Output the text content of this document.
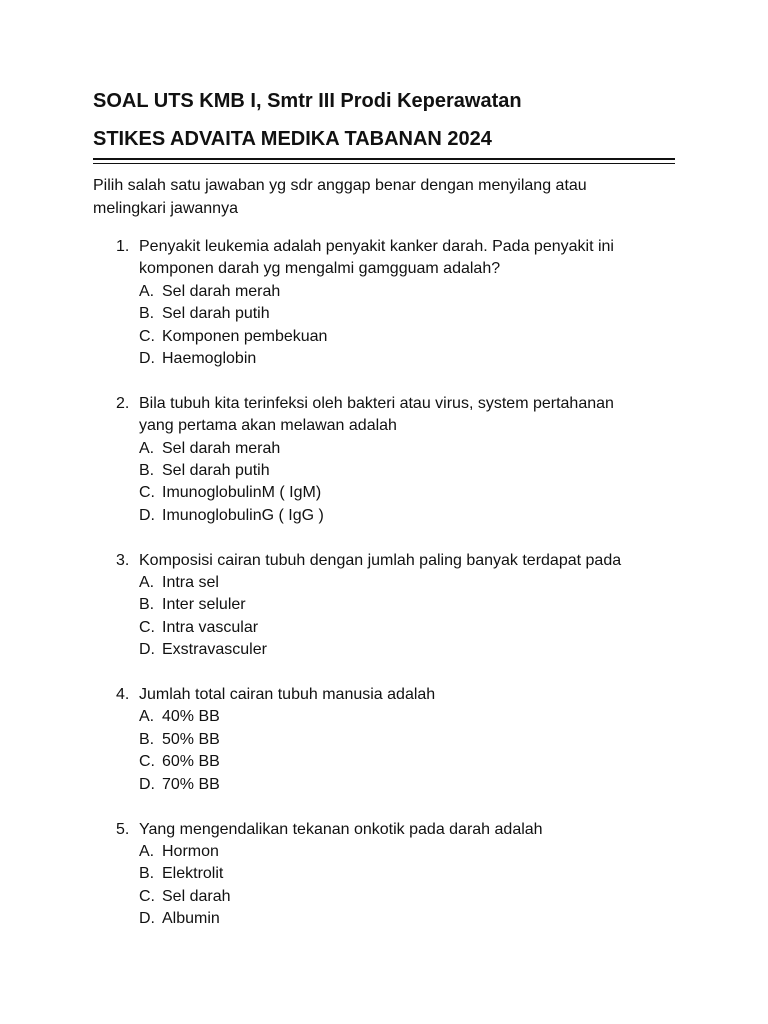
SOAL UTS KMB I, Smtr III Prodi Keperawatan
STIKES ADVAITA MEDIKA TABANAN 2024

Pilih salah satu jawaban yg sdr anggap benar dengan menyilang atau melingkari jawannya

1. Penyakit leukemia adalah penyakit kanker darah. Pada penyakit ini komponen darah yg mengalmi gamgguam adalah?
A. Sel darah merah
B. Sel darah putih
C. Komponen pembekuan
D. Haemoglobin
2. Bila tubuh kita terinfeksi oleh bakteri atau virus, system pertahanan yang pertama akan melawan adalah
A. Sel darah merah
B. Sel darah putih
C. ImunoglobulinM ( IgM)
D. ImunoglobulinG ( IgG )
3. Komposisi cairan tubuh dengan jumlah paling banyak terdapat pada
A. Intra sel
B. Inter seluler
C. Intra vascular
D. Exstravasculer
4. Jumlah total cairan tubuh manusia adalah
A. 40% BB
B. 50% BB
C. 60% BB
D. 70% BB
5. Yang mengendalikan tekanan onkotik pada darah adalah
A. Hormon
B. Elektrolit
C. Sel darah
D. Albumin
